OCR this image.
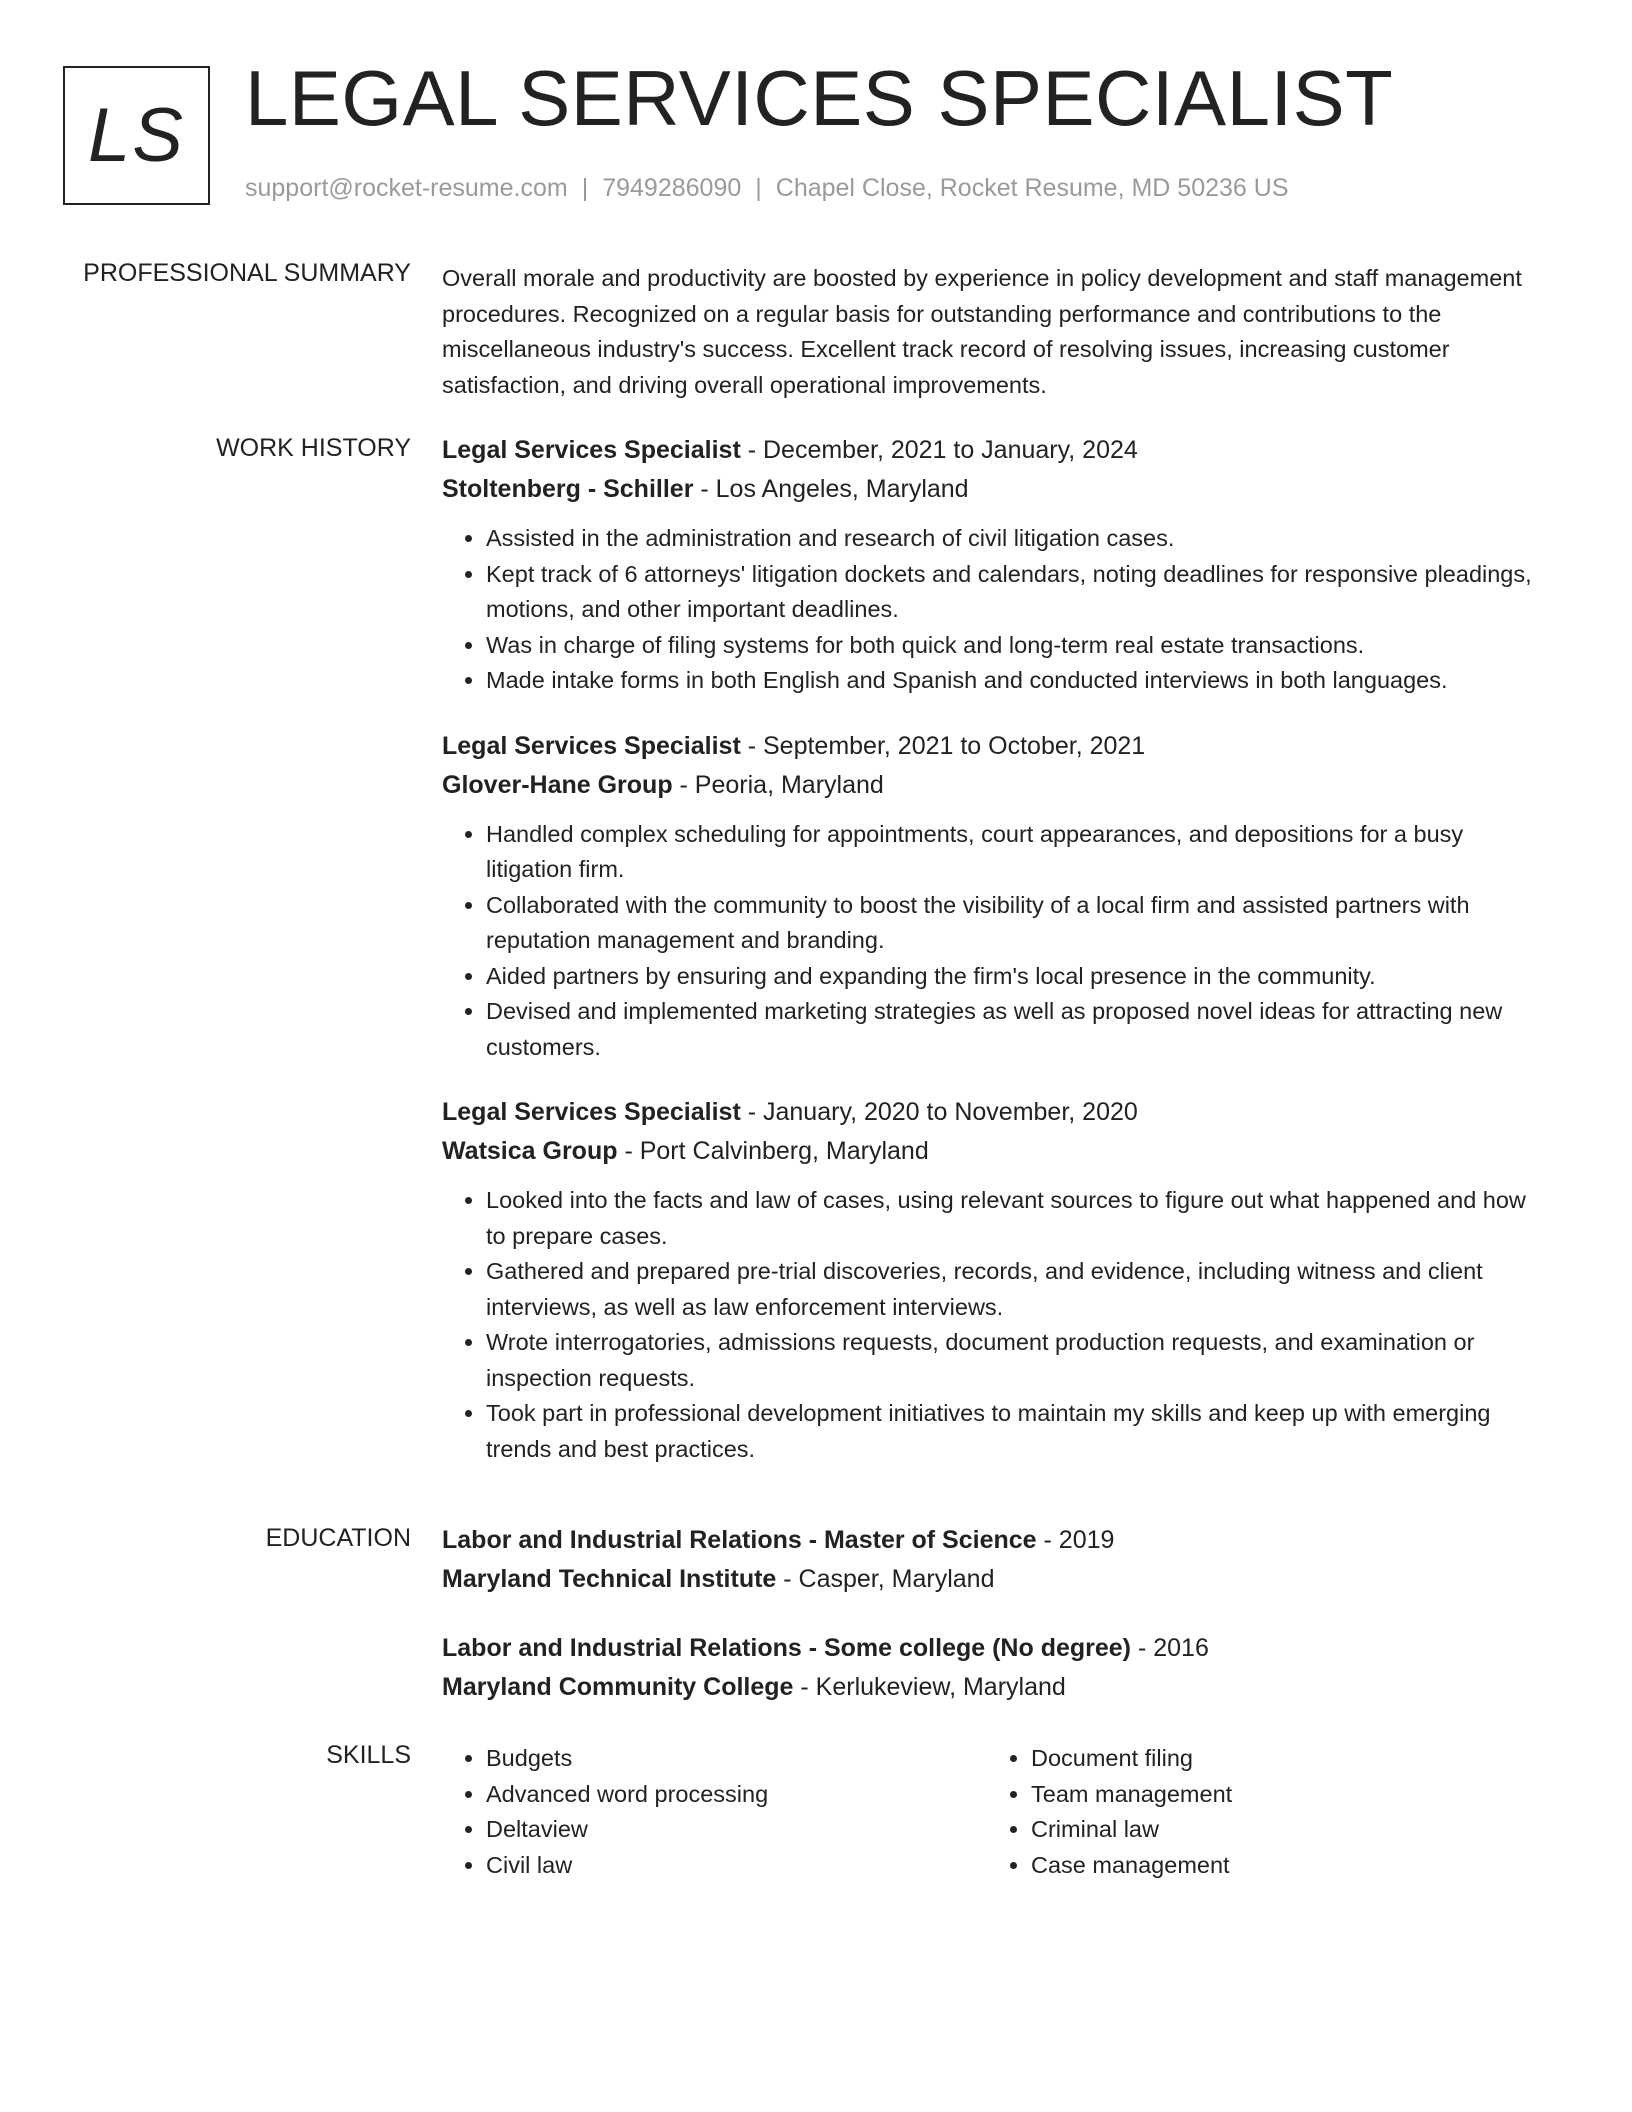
LS LEGAL SERVICES SPECIALIST
support@rocket-resume.com | 7949286090 | Chapel Close, Rocket Resume, MD 50236 US
PROFESSIONAL SUMMARY Overall morale and productivity are boosted by experience in policy development and staff management procedures. Recognized on a regular basis for outstanding performance and contributions to the miscellaneous industry's success. Excellent track record of resolving issues, increasing customer satisfaction, and driving overall operational improvements.

WORK HISTORY Legal Services Specialist - December, 2021 to January, 2024
Stoltenberg - Schiller - Los Angeles, Maryland
• Assisted in the administration and research of civil litigation cases.
• Kept track of 6 attorneys' litigation dockets and calendars, noting deadlines for responsive pleadings, motions, and other important deadlines.
• Was in charge of filing systems for both quick and long-term real estate transactions.
• Made intake forms in both English and Spanish and conducted interviews in both languages.
Legal Services Specialist - September, 2021 to October, 2021
Glover-Hane Group - Peoria, Maryland
• Handled complex scheduling for appointments, court appearances, and depositions for a busy litigation firm.
• Collaborated with the community to boost the visibility of a local firm and assisted partners with reputation management and branding.
• Aided partners by ensuring and expanding the firm's local presence in the community.
• Devised and implemented marketing strategies as well as proposed novel ideas for attracting new customers.
Legal Services Specialist - January, 2020 to November, 2020
Watsica Group - Port Calvinberg, Maryland
• Looked into the facts and law of cases, using relevant sources to figure out what happened and how to prepare cases.
• Gathered and prepared pre-trial discoveries, records, and evidence, including witness and client interviews, as well as law enforcement interviews.
• Wrote interrogatories, admissions requests, document production requests, and examination or inspection requests.
• Took part in professional development initiatives to maintain my skills and keep up with emerging trends and best practices.
EDUCATION Labor and Industrial Relations - Master of Science - 2019
Maryland Technical Institute - Casper, Maryland
Labor and Industrial Relations - Some college (No degree) - 2016
Maryland Community College - Kerlukeview, Maryland
SKILLS
•	Budgets
• Advanced word processing
• Deltaview
• Civil law
• Document filing
• Team management
• Criminal law
• Case management
